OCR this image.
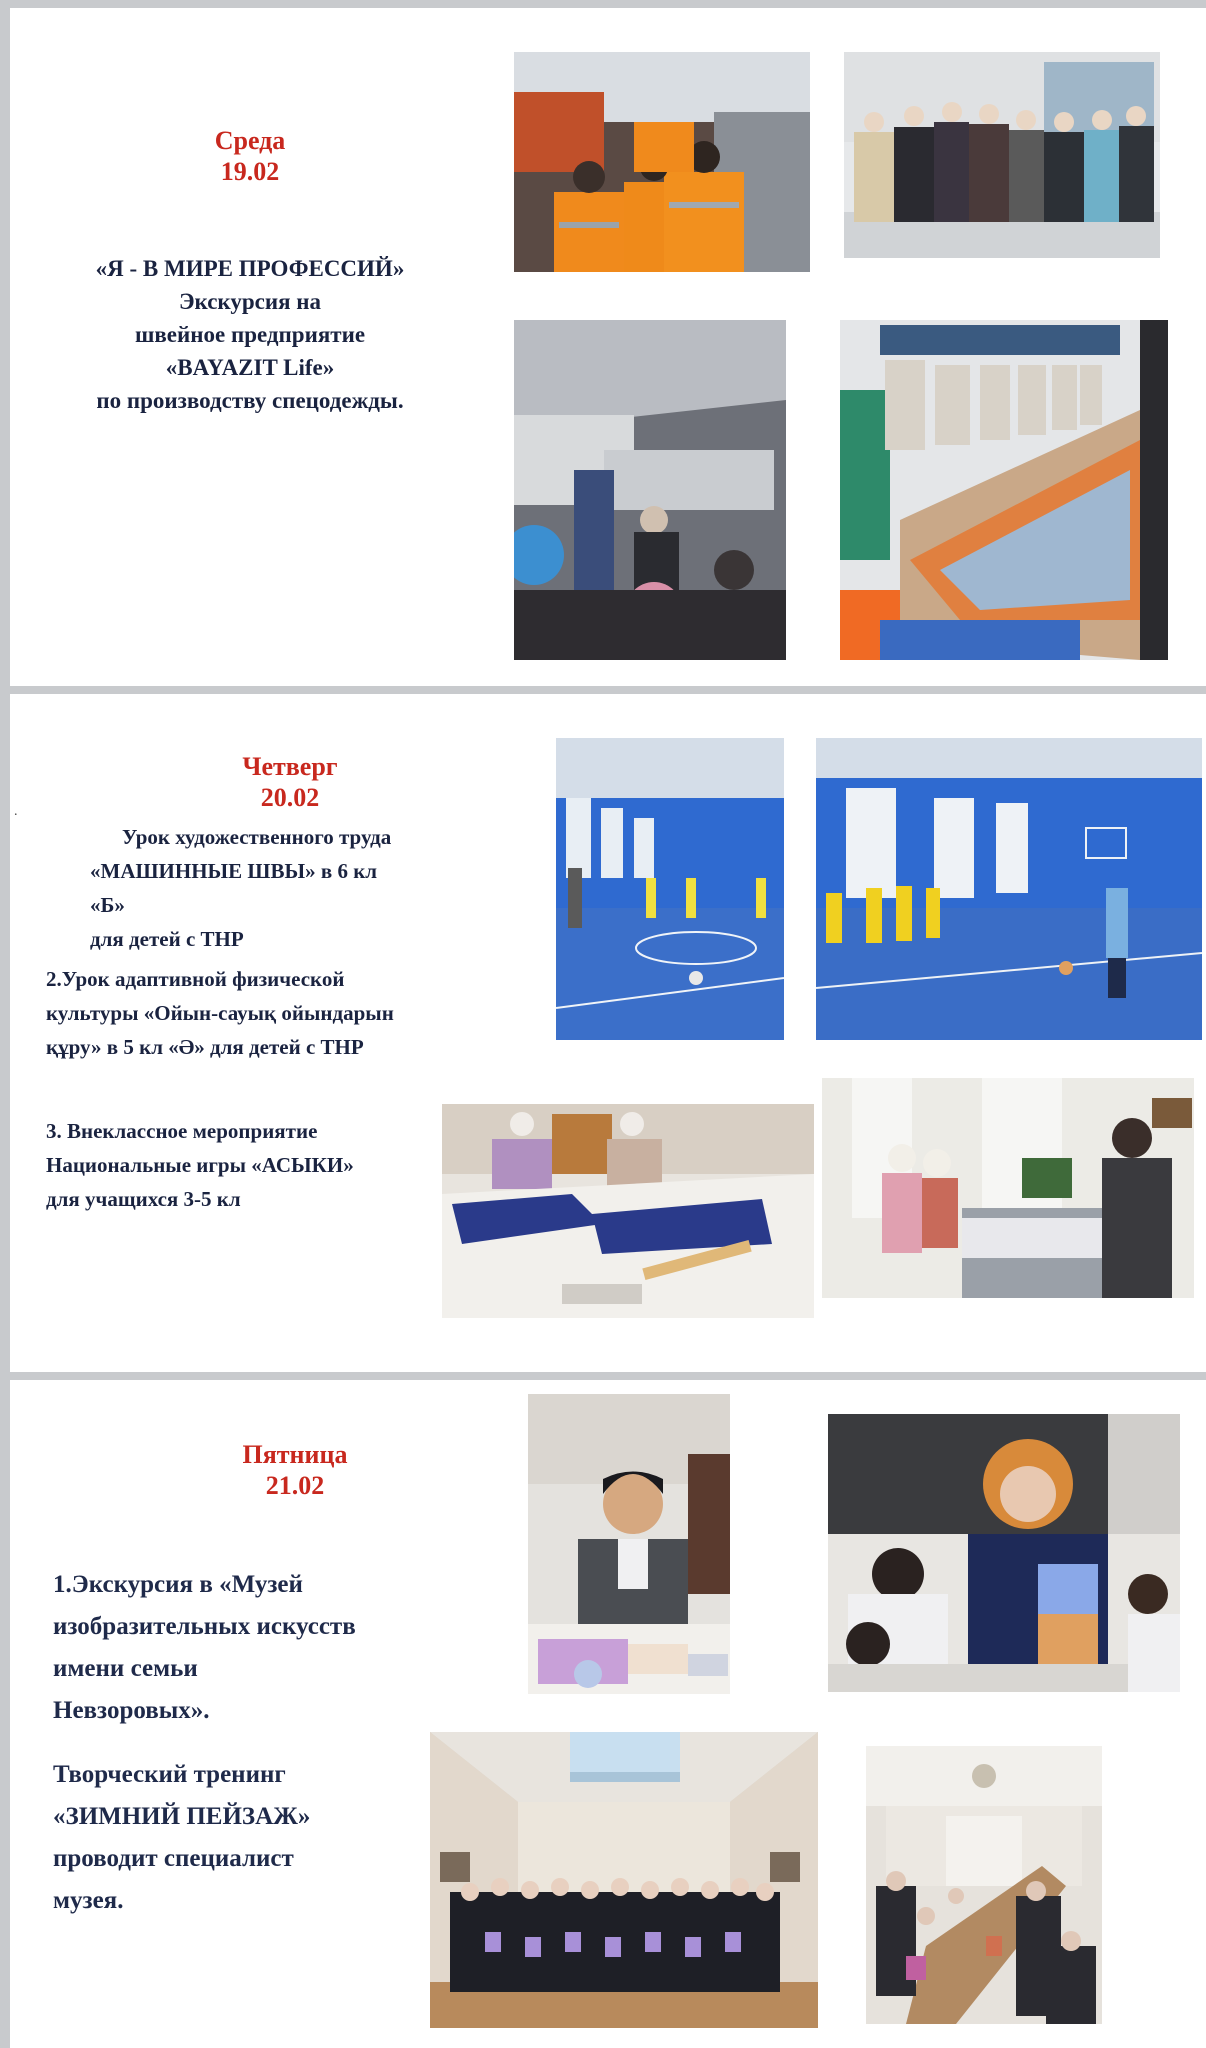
Среда
19.02
«Я - В МИРЕ ПРОФЕССИЙ»
Экскурсия на
швейное предприятие
«BAYAZIT Life»
по производству спецодежды.
.
Четверг
20.02
Урок художественного труда
«МАШИННЫЕ ШВЫ» в 6 кл
«Б»
для детей с ТНР
2.Урок адаптивной физической
культуры «Ойын-сауық ойындарын
құру» в 5 кл «Ә» для детей с ТНР
3. Внеклассное мероприятие
Национальные игры «АСЫКИ»
для учащихся 3-5 кл
Пятница
21.02
1.Экскурсия в «Музей
изобразительных искусств
имени семьи
Невзоровых».
Творческий тренинг
«ЗИМНИЙ ПЕЙЗАЖ»
проводит специалист
музея.
